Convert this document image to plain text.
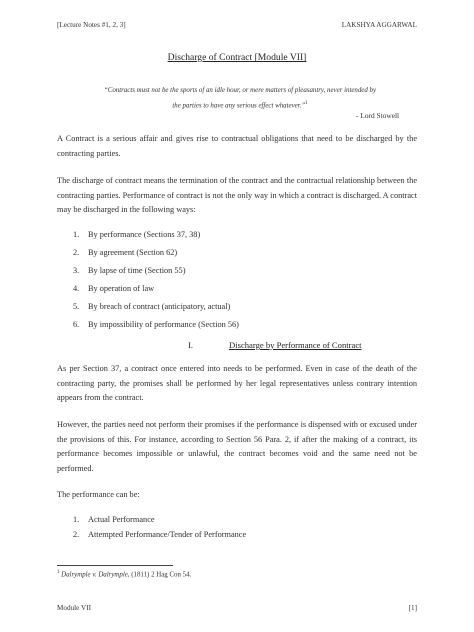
[Lecture Notes #1, 2, 3]	LAKSHYA AGGARWAL
Discharge of Contract [Module VII]
“Contracts must not be the sports of an idle hour, or mere matters of pleasantry, never intended by
the parties to have any serious effect whatever.”$^1$
- Lord Stowell
A Contract is a serious affair and gives rise to contractual obligations that need to be discharged by the contracting parties.
The discharge of contract means the termination of the contract and the contractual relationship between the contracting parties. Performance of contract is not the only way in which a contract is discharged. A contract may be discharged in the following ways:
1. By performance (Sections 37, 38)
2. By agreement (Section 62)
3. By lapse of time (Section 55)
4. By operation of law
5. By breach of contract (anticipatory, actual)
6. By impossibility of performance (Section 56)
I.	Discharge by Performance of Contract
As per Section 37, a contract once entered into needs to be performed. Even in case of the death of the contracting party, the promises shall be performed by her legal representatives unless contrary intention appears from the contract.
However, the parties need not perform their promises if the performance is dispensed with or excused under the provisions of this. For instance, according to Section 56 Para. 2, if after the making of a contract, its performance becomes impossible or unlawful, the contract becomes void and the same need not be performed.
The performance can be:
1. Actual Performance
2. Attempted Performance/Tender of Performance
$^1$ Dalrymple v. Dalrymple, (1811) 2 Hag Con 54.
Module VII	[1]
